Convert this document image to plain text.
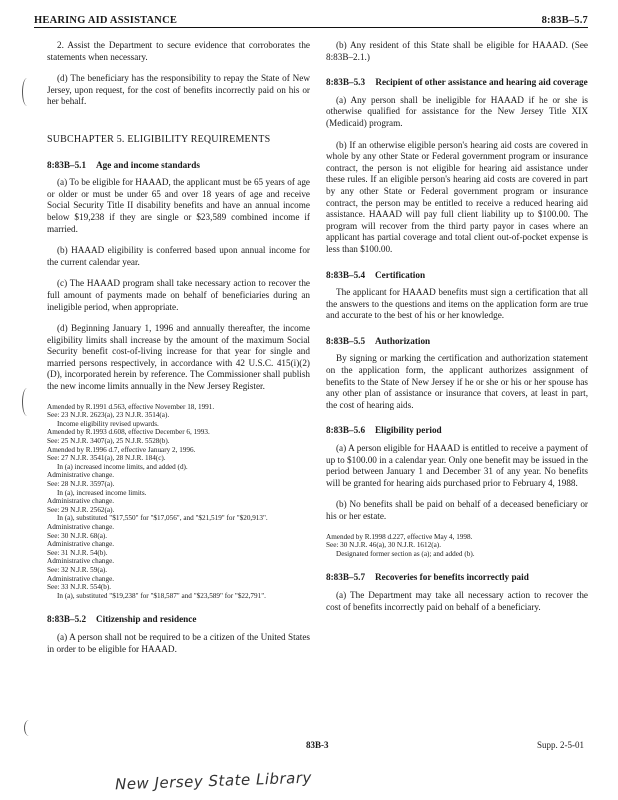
HEARING AID ASSISTANCE	8:83B–5.7

2. Assist the Department to secure evidence that corroborates the statements when necessary.

(d) The beneficiary has the responsibility to repay the State of New Jersey, upon request, for the cost of benefits incorrectly paid on his or her behalf.

SUBCHAPTER 5. ELIGIBILITY REQUIREMENTS
8:83B–5.1 Age and income standards

(a) To be eligible for HAAAD, the applicant must be 65 years of age or older or must be under 65 and over 18 years of age and receive Social Security Title II disability benefits and have an annual income below $19,238 if they are single or $23,589 combined income if married.

(b) HAAAD eligibility is conferred based upon annual income for the current calendar year.

(c) The HAAAD program shall take necessary action to recover the full amount of payments made on behalf of beneficiaries during an ineligible period, when appropriate.

(d) Beginning January 1, 1996 and annually thereafter, the income eligibility limits shall increase by the amount of the maximum Social Security benefit cost-of-living increase for that year for single and married persons respectively, in accordance with 42 U.S.C. 415(i)(2)(D), incorporated herein by reference. The Commissioner shall publish the new income limits annually in the New Jersey Register.

Amended by R.1991 d.563, effective November 18, 1991.
See: 23 N.J.R. 2623(a), 23 N.J.R. 3514(a).
Income eligibility revised upwards.
Amended by R.1993 d.608, effective December 6, 1993.
See: 25 N.J.R. 3407(a), 25 N.J.R. 5528(b).
Amended by R.1996 d.7, effective January 2, 1996.
See: 27 N.J.R. 3541(a), 28 N.J.R. 184(c).
In (a) increased income limits, and added (d).
Administrative change.
See: 28 N.J.R. 3597(a).
In (a), increased income limits.
Administrative change.
See: 29 N.J.R. 2562(a).
In (a), substituted "$17,550" for "$17,056", and "$21,519" for "$20,913".
Administrative change.
See: 30 N.J.R. 68(a).
Administrative change.
See: 31 N.J.R. 54(b).
Administrative change.
See: 32 N.J.R. 59(a).
Administrative change.
See: 33 N.J.R. 554(b).
In (a), substituted "$19,238" for "$18,587" and "$23,589" for "$22,791".
8:83B–5.2 Citizenship and residence

(a) A person shall not be required to be a citizen of the United States in order to be eligible for HAAAD.

(b) Any resident of this State shall be eligible for HAAAD. (See 8:83B–2.1.)

8:83B–5.3 Recipient of other assistance and hearing aid coverage

(a) Any person shall be ineligible for HAAAD if he or she is otherwise qualified for assistance for the New Jersey Title XIX (Medicaid) program.

(b) If an otherwise eligible person's hearing aid costs are covered in whole by any other State or Federal government program or insurance contract, the person is not eligible for hearing aid assistance under these rules. If an eligible person's hearing aid costs are covered in part by any other State or Federal government program or insurance contract, the person may be entitled to receive a reduced hearing aid assistance. HAAAD will pay full client liability up to $100.00. The program will recover from the third party payor in cases where an applicant has partial coverage and total client out-of-pocket expense is less than $100.00.

8:83B–5.4 Certification

The applicant for HAAAD benefits must sign a certification that all the answers to the questions and items on the application form are true and accurate to the best of his or her knowledge.

8:83B–5.5 Authorization

By signing or marking the certification and authorization statement on the application form, the applicant authorizes assignment of benefits to the State of New Jersey if he or she or his or her spouse has any other plan of assistance or insurance that covers, at least in part, the cost of hearing aids.

8:83B–5.6 Eligibility period

(a) A person eligible for HAAAD is entitled to receive a payment of up to $100.00 in a calendar year. Only one benefit may be issued in the period between January 1 and December 31 of any year. No benefits will be granted for hearing aids purchased prior to February 4, 1988.

(b) No benefits shall be paid on behalf of a deceased beneficiary or his or her estate.

Amended by R.1998 d.227, effective May 4, 1998.
See: 30 N.J.R. 46(a), 30 N.J.R. 1612(a).
Designated former section as (a); and added (b).
8:83B–5.7 Recoveries for benefits incorrectly paid

(a) The Department may take all necessary action to recover the cost of benefits incorrectly paid on behalf of a beneficiary.

83B-3	Supp. 2-5-01
New Jersey State Library
